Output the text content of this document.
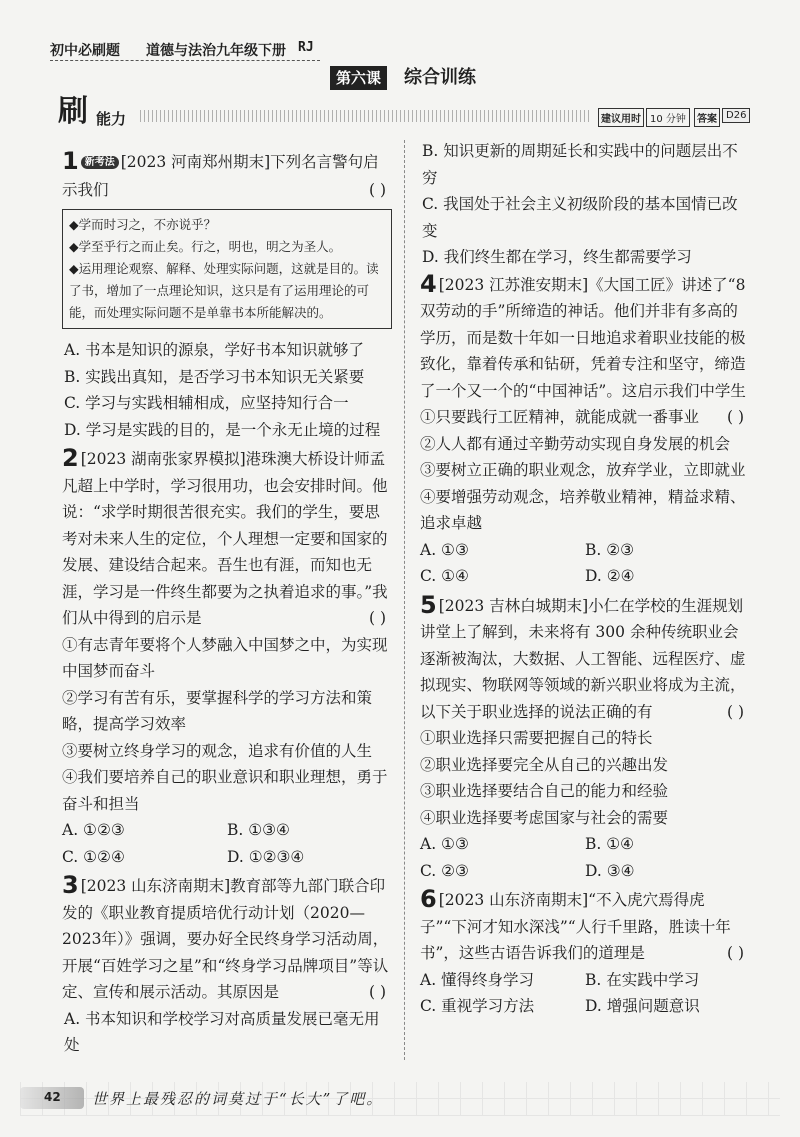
初中必刷题 道德与法治九年级下册 RJ
第六课	综合训练
刷 能力	建议用时 10 分钟	答案 D26
1 新考法 [2023 河南郑州期末]下列名言警句启
示我们	( )
◆学而时习之，不亦说乎？
◆学至乎行之而止矣。行之，明也，明之为圣人。
◆运用理论观察、解释、处理实际问题，这就是目的。读了书，增加了一点理论知识，这只是有了运用理论的可能，而处理实际问题不是单靠书本所能解决的。
A. 书本是知识的源泉，学好书本知识就够了
B. 实践出真知，是否学习书本知识无关紧要
C. 学习与实践相辅相成，应坚持知行合一
D. 学习是实践的目的，是一个永无止境的过程
2 [2023 湖南张家界模拟]港珠澳大桥设计师孟凡超上中学时，学习很用功，也会安排时间。他说：“求学时期很苦很充实。我们的学生，要思考对未来人生的定位，个人理想一定要和国家的发展、建设结合起来。吾生也有涯，而知也无涯，学习是一件终生都要为之执着追求的事。”我们从中得到的启示是	( )
①有志青年要将个人梦融入中国梦之中，为实现中国梦而奋斗
②学习有苦有乐，要掌握科学的学习方法和策略，提高学习效率
③要树立终身学习的观念，追求有价值的人生
④我们要培养自己的职业意识和职业理想，勇于奋斗和担当
A. ①②③	B. ①③④
C. ①②④	D. ①②③④
3 [2023 山东济南期末]教育部等九部门联合印发的《职业教育提质培优行动计划（2020—2023年）》强调，要办好全民终身学习活动周，开展“百姓学习之星”和“终身学习品牌项目”等认定、宣传和展示活动。其原因是	( )
A. 书本知识和学校学习对高质量发展已毫无用处
B. 知识更新的周期延长和实践中的问题层出不穷
C. 我国处于社会主义初级阶段的基本国情已改变
D. 我们终生都在学习，终生都需要学习
4 [2023 江苏淮安期末]《大国工匠》讲述了“8 双劳动的手”所缔造的神话。他们并非有多高的学历，而是数十年如一日地追求着职业技能的极致化，靠着传承和钻研，凭着专注和坚守，缔造了一个又一个的“中国神话”。这启示我们中学生
( )
①只要践行工匠精神，就能成就一番事业
②人人都有通过辛勤劳动实现自身发展的机会
③要树立正确的职业观念，放弃学业，立即就业
④要增强劳动观念，培养敬业精神，精益求精、追求卓越
A. ①③	B. ②③
C. ①④	D. ②④
5 [2023 吉林白城期末]小仁在学校的生涯规划讲堂上了解到，未来将有 300 余种传统职业会逐渐被淘汰，大数据、人工智能、远程医疗、虚拟现实、物联网等领域的新兴职业将成为主流，以下关于职业选择的说法正确的有	( )
①职业选择只需要把握自己的特长
②职业选择要完全从自己的兴趣出发
③职业选择要结合自己的能力和经验
④职业选择要考虑国家与社会的需要
A. ①③	B. ①④
C. ②③	D. ③④
6 [2023 山东济南期末]“不入虎穴焉得虎子”“下河才知水深浅”“人行千里路，胜读十年书”，这些古语告诉我们的道理是	( )
A. 懂得终身学习	B. 在实践中学习
C. 重视学习方法	D. 增强问题意识
42 世界上最残忍的词莫过于“长大”了吧。
